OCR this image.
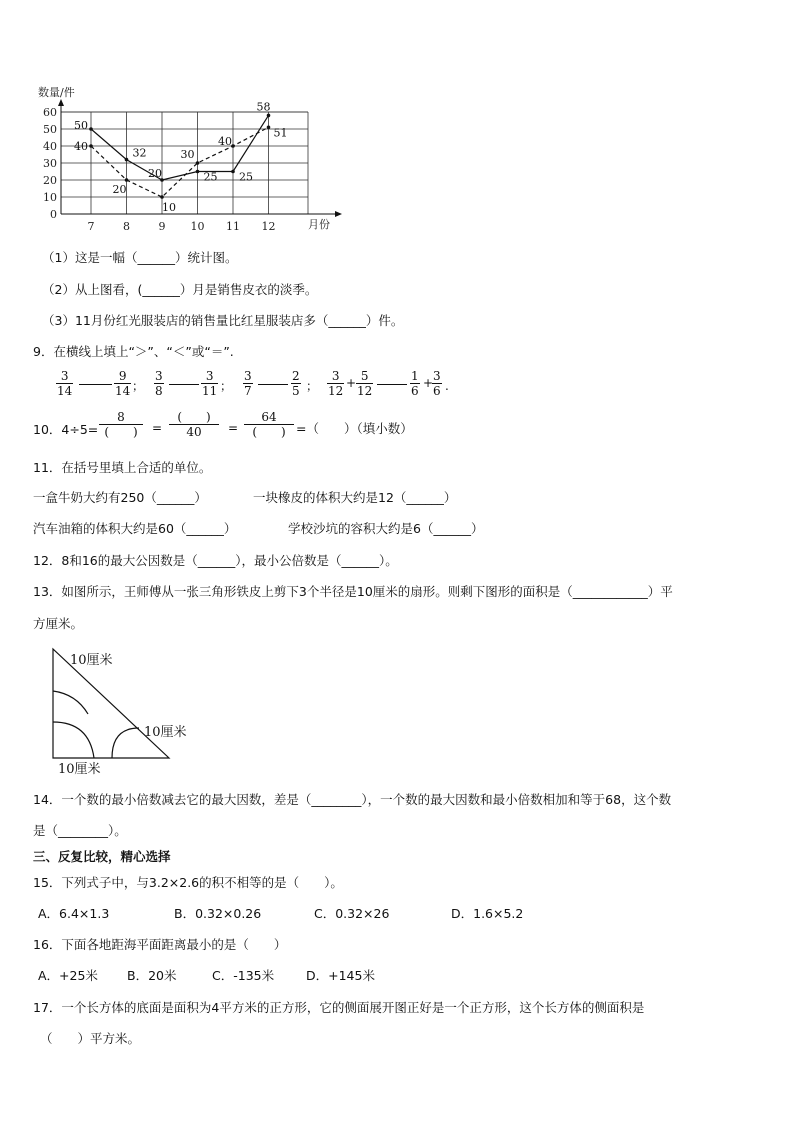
数量/件
月份
0
10
20
30
40
50
60
7	8	9 10 11 12
50
32
20	25 25
58
40
20
10
30
40
51
（1）这是一幅（______）统计图。
（2）从上图看，(______）月是销售皮衣的淡季。
（3）11月份红光服装店的销售量比红星服装店多（______）件。
9．在横线上填上“＞”、“＜”或“＝”.
$\frac{3}{14}$	$\frac{9}{14}$ ； $\frac{3}{8}$	$\frac{3}{11}$ ； $\frac{3}{7}$	$\frac{2}{5}$ ； $\frac{3}{12} + \frac{5}{12}$	$\frac{1}{6}$ +
$\frac{3}{6}$ .
10．4÷5=
8
(　　)	=
(　　)
40	=
64
(　　) =（　　）（填小数）
11．在括号里填上合适的单位。
一盒牛奶大约有250（______）	一块橡皮的体积大约是12（______）
汽车油箱的体积大约是60（______）	学校沙坑的容积大约是6（______）
12．8和16的最大公因数是（______），最小公倍数是（______）。
13．如图所示，王师傅从一张三角形铁皮上剪下3个半径是10厘米的扇形。则剩下图形的面积是（____________）平
方厘米。
10厘米
10厘米
10厘米
14．一个数的最小倍数减去它的最大因数，差是（________），一个数的最大因数和最小倍数相加和等于68，这个数
是（________）。
三、反复比较，精心选择
15．下列式子中，与3.2×2.6的积不相等的是（　　）。
A．6.4×1.3	B．0.32×0.26	C．0.32×26	D．1.6×5.2
16．下面各地距海平面距离最小的是（　　）
A．+25米 B．20米	C．-135米	D．+145米
17．一个长方体的底面是面积为4平方米的正方形，它的侧面展开图正好是一个正方形，这个长方体的侧面积是
（　　）平方米。
